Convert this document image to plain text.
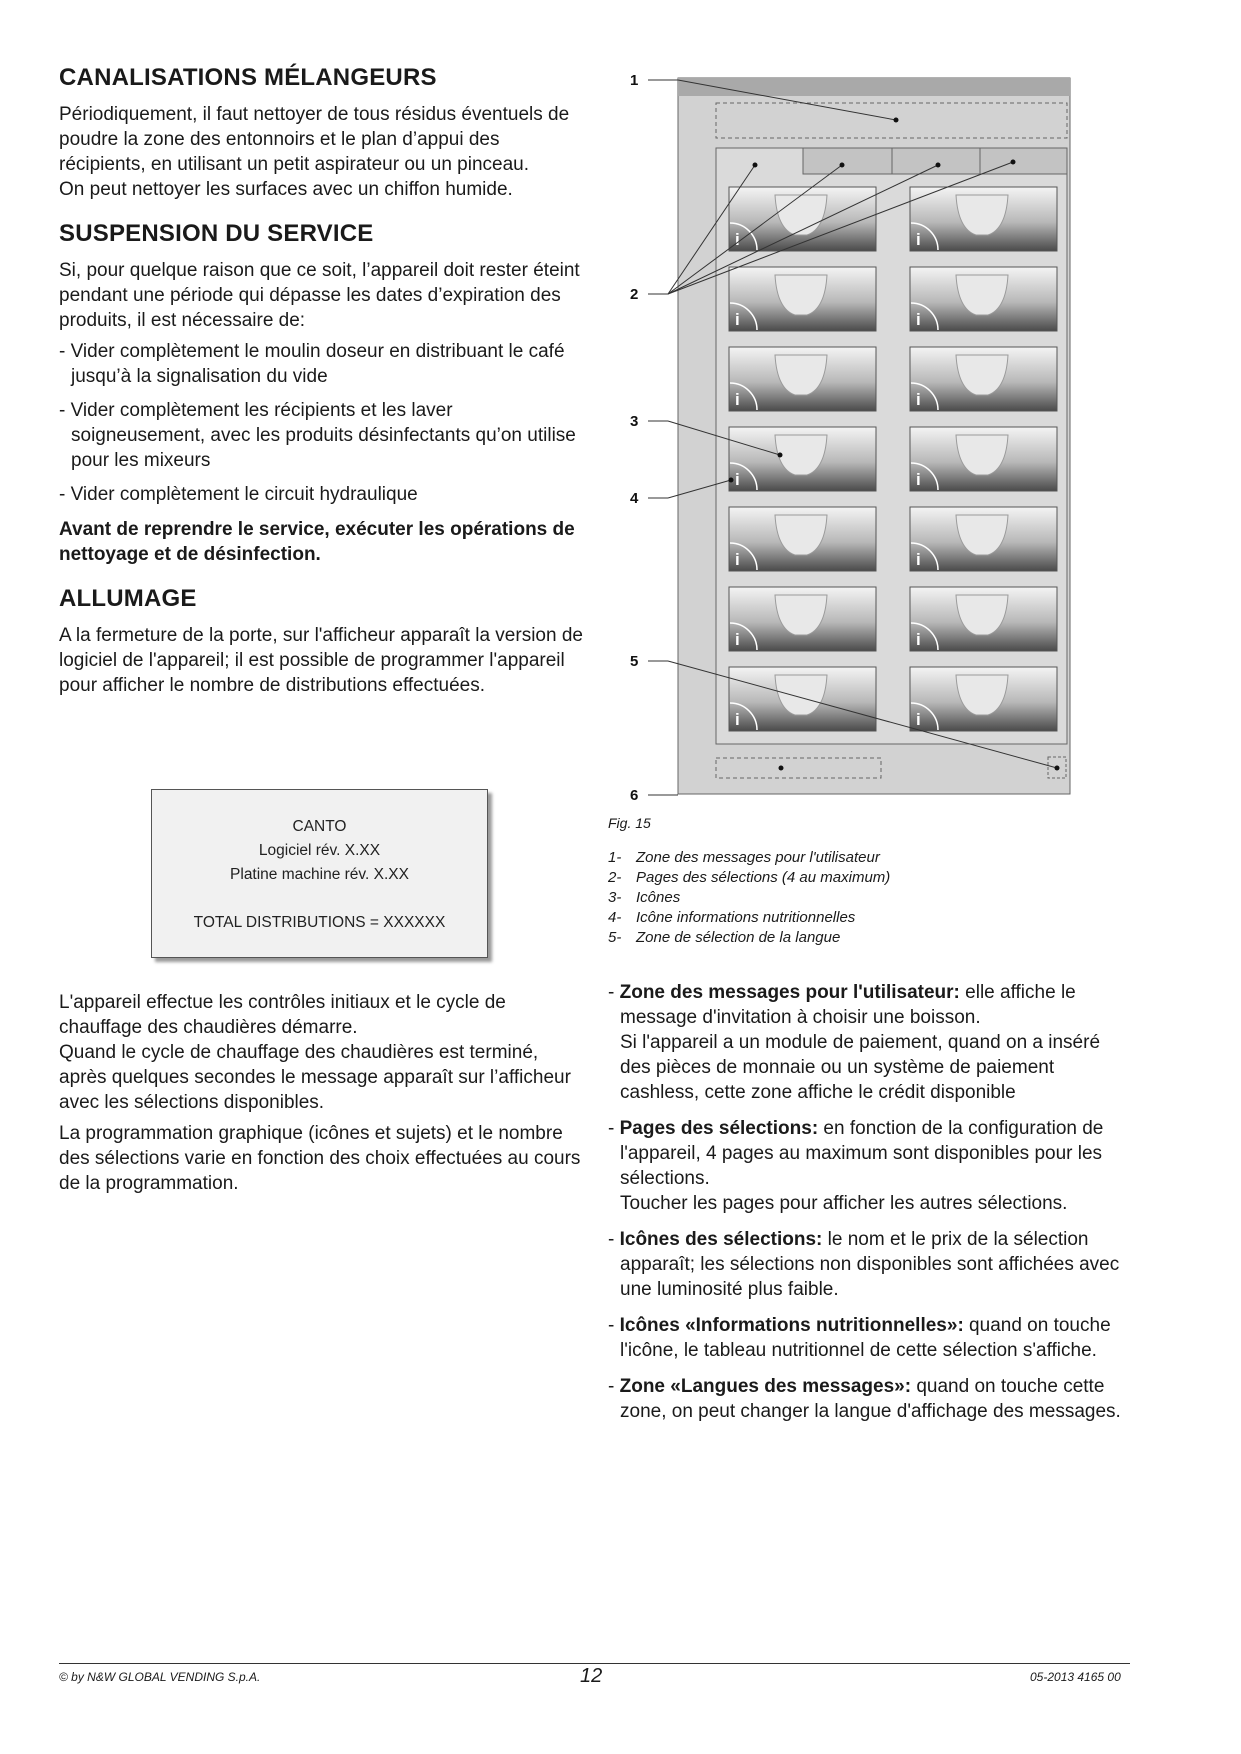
CANALISATIONS MÉLANGEURS

Périodiquement, il faut nettoyer de tous résidus éventuels de poudre la zone des entonnoirs et le plan d’appui des récipients, en utilisant un petit aspirateur ou un pinceau.

On peut nettoyer les surfaces avec un chiffon humide.

SUSPENSION DU SERVICE

Si, pour quelque raison que ce soit, l’appareil doit rester éteint pendant une période qui dépasse les dates d’expiration des produits, il est nécessaire de:

- Vider complètement le moulin doseur en distribuant le café jusqu’à la signalisation du vide

- Vider complètement les récipients et les laver soigneusement, avec les produits désinfectants qu’on utilise pour les mixeurs

- Vider complètement le circuit hydraulique

Avant de reprendre le service, exécuter les opérations de nettoyage et de désinfection.

ALLUMAGE

A la fermeture de la porte, sur l'afficheur apparaît la version de logiciel de l'appareil; il est possible de programmer l'appareil pour afficher le nombre de distributions effectuées.

CANTO
Logiciel rév. X.XX
Platine machine rév. X.XX

TOTAL DISTRIBUTIONS = XXXXXX

L'appareil effectue les contrôles initiaux et le cycle de chauffage des chaudières démarre.

Quand le cycle de chauffage des chaudières est terminé, après quelques secondes le message apparaît sur l’afficheur avec les sélections disponibles.

La programmation graphique (icônes et sujets) et le nombre des sélections varie en fonction des choix effectuées au cours de la programmation.

i	i
i	i
i	i
i	i
i	i
i	i
i	i
1
2
3
4
5
6
Fig. 15
1- Zone des messages pour l'utilisateur
2- Pages des sélections (4 au maximum)
3- Icônes
4- Icône informations nutritionnelles
5- Zone de sélection de la langue
- Zone des messages pour l'utilisateur: elle affiche le message d'invitation à choisir une boisson.
Si l'appareil a un module de paiement, quand on a inséré des pièces de monnaie ou un système de paiement cashless, cette zone affiche le crédit disponible
- Pages des sélections: en fonction de la configuration de l'appareil, 4 pages au maximum sont disponibles pour les sélections.
Toucher les pages pour afficher les autres sélections.
- Icônes des sélections: le nom et le prix de la sélection apparaît; les sélections non disponibles sont affichées avec une luminosité plus faible.
- Icônes «Informations nutritionnelles»: quand on touche l'icône, le tableau nutritionnel de cette sélection s'affiche.
- Zone «Langues des messages»: quand on touche cette zone, on peut changer la langue d'affichage des messages.
© by N&W GLOBAL VENDING S.p.A.	12	05-2013 4165 00
